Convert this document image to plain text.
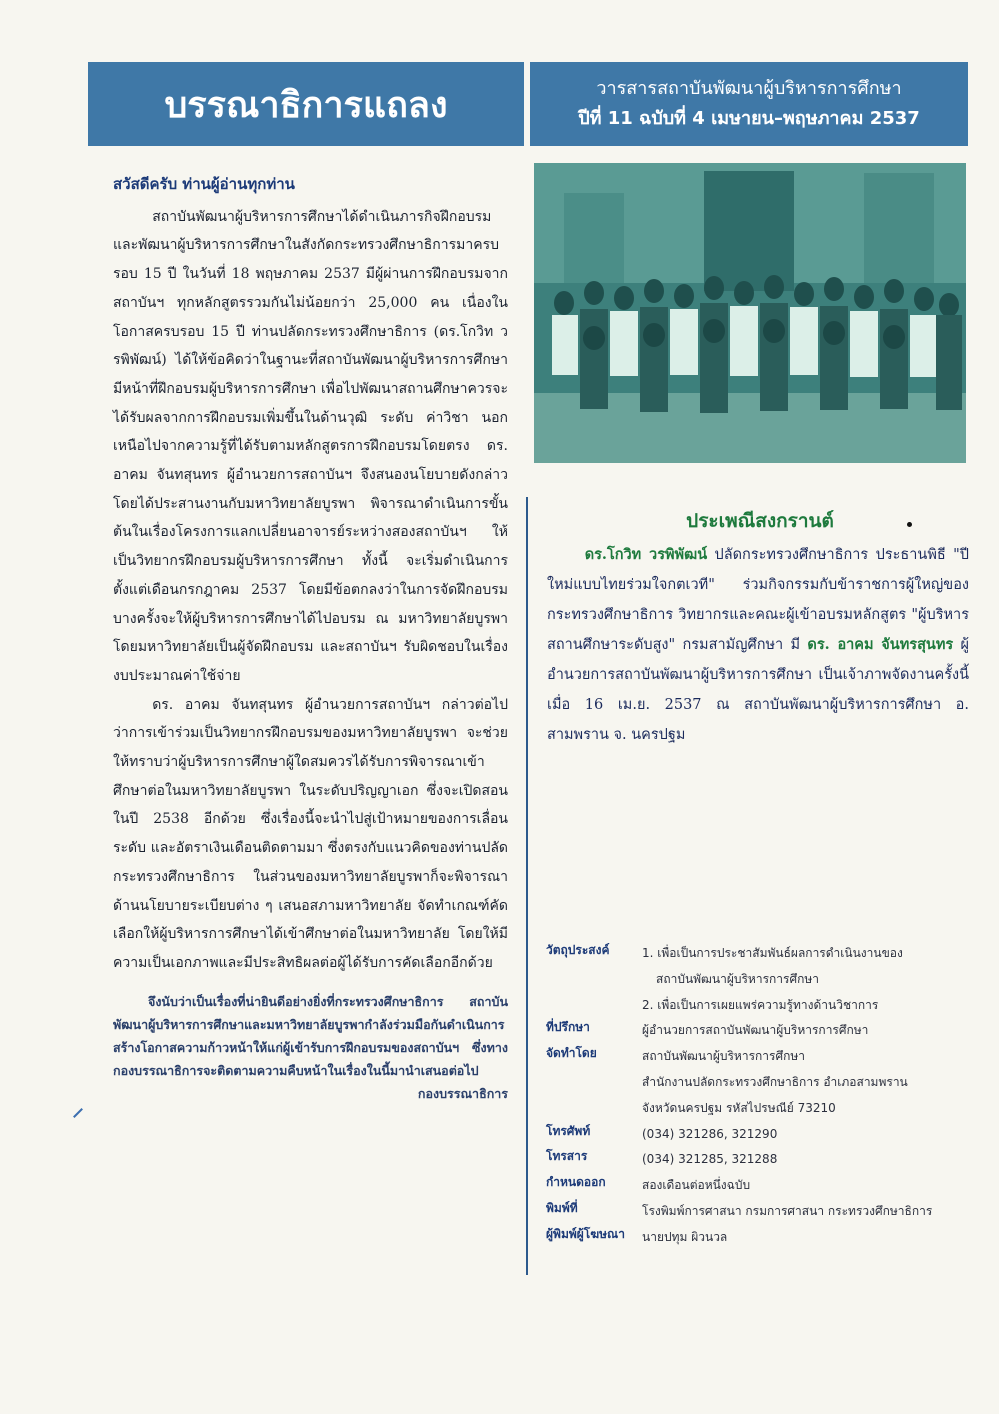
บรรณาธิการแถลง	วารสารสถาบันพัฒนาผู้บริหารการศึกษา
ปีที่ 11 ฉบับที่ 4 เมษายน–พฤษภาคม 2537
สวัสดีครับ ท่านผู้อ่านทุกท่าน

สถาบันพัฒนาผู้บริหารการศึกษาได้ดำเนินภารกิจฝึกอบรมและพัฒนาผู้บริหารการศึกษาในสังกัดกระทรวงศึกษาธิการมาครบรอบ 15 ปี ในวันที่ 18 พฤษภาคม 2537 มีผู้ผ่านการฝึกอบรมจากสถาบันฯ ทุกหลักสูตรรวมกันไม่น้อยกว่า 25,000 คน เนื่องในโอกาสครบรอบ 15 ปี ท่านปลัดกระทรวงศึกษาธิการ (ดร.โกวิท วรพิพัฒน์) ได้ให้ข้อคิดว่าในฐานะที่สถาบันพัฒนาผู้บริหารการศึกษามีหน้าที่ฝึกอบรมผู้บริหารการศึกษา เพื่อไปพัฒนาสถานศึกษาควรจะได้รับผลจากการฝึกอบรมเพิ่มขึ้นในด้านวุฒิ ระดับ ค่าวิชา นอกเหนือไปจากความรู้ที่ได้รับตามหลักสูตรการฝึกอบรมโดยตรง ดร. อาคม จันทสุนทร ผู้อำนวยการสถาบันฯ จึงสนองนโยบายดังกล่าวโดยได้ประสานงานกับมหาวิทยาลัยบูรพา พิจารณาดำเนินการขั้นต้นในเรื่องโครงการแลกเปลี่ยนอาจารย์ระหว่างสองสถาบันฯ ให้เป็นวิทยากรฝึกอบรมผู้บริหารการศึกษา ทั้งนี้ จะเริ่มดำเนินการตั้งแต่เดือนกรกฎาคม 2537 โดยมีข้อตกลงว่าในการจัดฝึกอบรมบางครั้งจะให้ผู้บริหารการศึกษาได้ไปอบรม ณ มหาวิทยาลัยบูรพา โดยมหาวิทยาลัยเป็นผู้จัดฝึกอบรม และสถาบันฯ รับผิดชอบในเรื่องงบประมาณค่าใช้จ่าย

ดร. อาคม จันทสุนทร ผู้อำนวยการสถาบันฯ กล่าวต่อไปว่าการเข้าร่วมเป็นวิทยากรฝึกอบรมของมหาวิทยาลัยบูรพา จะช่วยให้ทราบว่าผู้บริหารการศึกษาผู้ใดสมควรได้รับการพิจารณาเข้าศึกษาต่อในมหาวิทยาลัยบูรพา ในระดับปริญญาเอก ซึ่งจะเปิดสอนในปี 2538 อีกด้วย ซึ่งเรื่องนี้จะนำไปสู่เป้าหมายของการเลื่อนระดับ และอัตราเงินเดือนติดตามมา ซึ่งตรงกับแนวคิดของท่านปลัดกระทรวงศึกษาธิการ ในส่วนของมหาวิทยาลัยบูรพาก็จะพิจารณาด้านนโยบายระเบียบต่าง ๆ เสนอสภามหาวิทยาลัย จัดทำเกณฑ์คัดเลือกให้ผู้บริหารการศึกษาได้เข้าศึกษาต่อในมหาวิทยาลัย โดยให้มีความเป็นเอกภาพและมีประสิทธิผลต่อผู้ได้รับการคัดเลือกอีกด้วย

จึงนับว่าเป็นเรื่องที่น่ายินดีอย่างยิ่งที่กระทรวงศึกษาธิการ สถาบันพัฒนาผู้บริหารการศึกษาและมหาวิทยาลัยบูรพากำลังร่วมมือกันดำเนินการสร้างโอกาสความก้าวหน้าให้แก่ผู้เข้ารับการฝึกอบรมของสถาบันฯ ซึ่งทางกองบรรณาธิการจะติดตามความคืบหน้าในเรื่องในนี้มานำเสนอต่อไป
กองบรรณาธิการ
ประเพณีสงกรานต์

ดร.โกวิท วรพิพัฒน์ ปลัดกระทรวงศึกษาธิการ ประธานพิธี "ปีใหม่แบบไทยร่วมใจกตเวที" ร่วมกิจกรรมกับข้าราชการผู้ใหญ่ของกระทรวงศึกษาธิการ วิทยากรและคณะผู้เข้าอบรมหลักสูตร "ผู้บริหารสถานศึกษาระดับสูง" กรมสามัญศึกษา มี ดร. อาคม จันทรสุนทร ผู้อำนวยการสถาบันพัฒนาผู้บริหารการศึกษา เป็นเจ้าภาพจัดงานครั้งนี้ เมื่อ 16 เม.ย. 2537 ณ สถาบันพัฒนาผู้บริหารการศึกษา อ. สามพราน จ. นครปฐม

วัตถุประสงค์	1. เพื่อเป็นการประชาสัมพันธ์ผลการดำเนินงานของ
สถาบันพัฒนาผู้บริหารการศึกษา
2. เพื่อเป็นการเผยแพร่ความรู้ทางด้านวิชาการ
ที่ปรึกษา	ผู้อำนวยการสถาบันพัฒนาผู้บริหารการศึกษา
จัดทำโดย	สถาบันพัฒนาผู้บริหารการศึกษา
สำนักงานปลัดกระทรวงศึกษาธิการ อำเภอสามพราน
จังหวัดนครปฐม รหัสไปรษณีย์ 73210
โทรศัพท์	(034) 321286, 321290
โทรสาร	(034) 321285, 321288
กำหนดออก	สองเดือนต่อหนึ่งฉบับ
พิมพ์ที่	โรงพิมพ์การศาสนา กรมการศาสนา กระทรวงศึกษาธิการ
ผู้พิมพ์ผู้โฆษณา	นายปทุม ผิวนวล
